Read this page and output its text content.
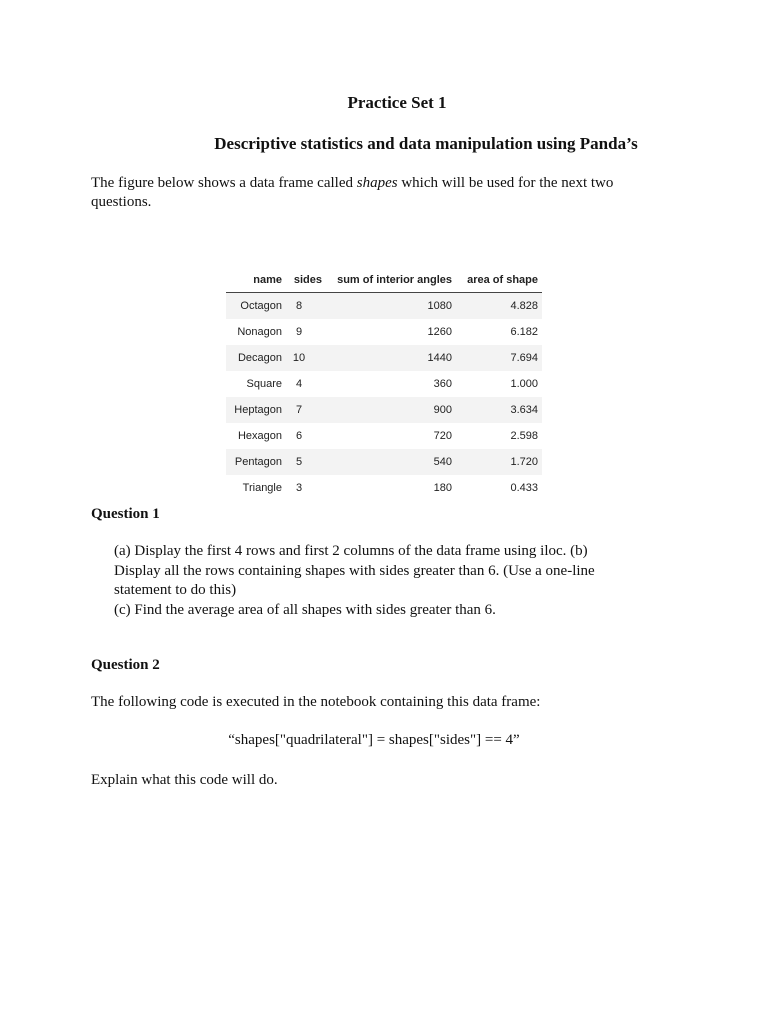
Practice Set 1
Descriptive statistics and data manipulation using Panda’s
The figure below shows a data frame called shapes which will be used for the next two questions.
name	sides	sum of interior angles	area of shape
Octagon	8	1080	4.828
Nonagon	9	1260	6.182
Decagon	10	1440	7.694
Square	4	360	1.000
Heptagon	7	900	3.634
Hexagon	6	720	2.598
Pentagon	5	540	1.720
Triangle	3	180	0.433
Question 1
(a) Display the first 4 rows and first 2 columns of the data frame using iloc. (b) Display all the rows containing shapes with sides greater than 6. (Use a one-line statement to do this)
(c) Find the average area of all shapes with sides greater than 6.
Question 2
The following code is executed in the notebook containing this data frame:
“shapes["quadrilateral"] = shapes["sides"] == 4”
Explain what this code will do.
